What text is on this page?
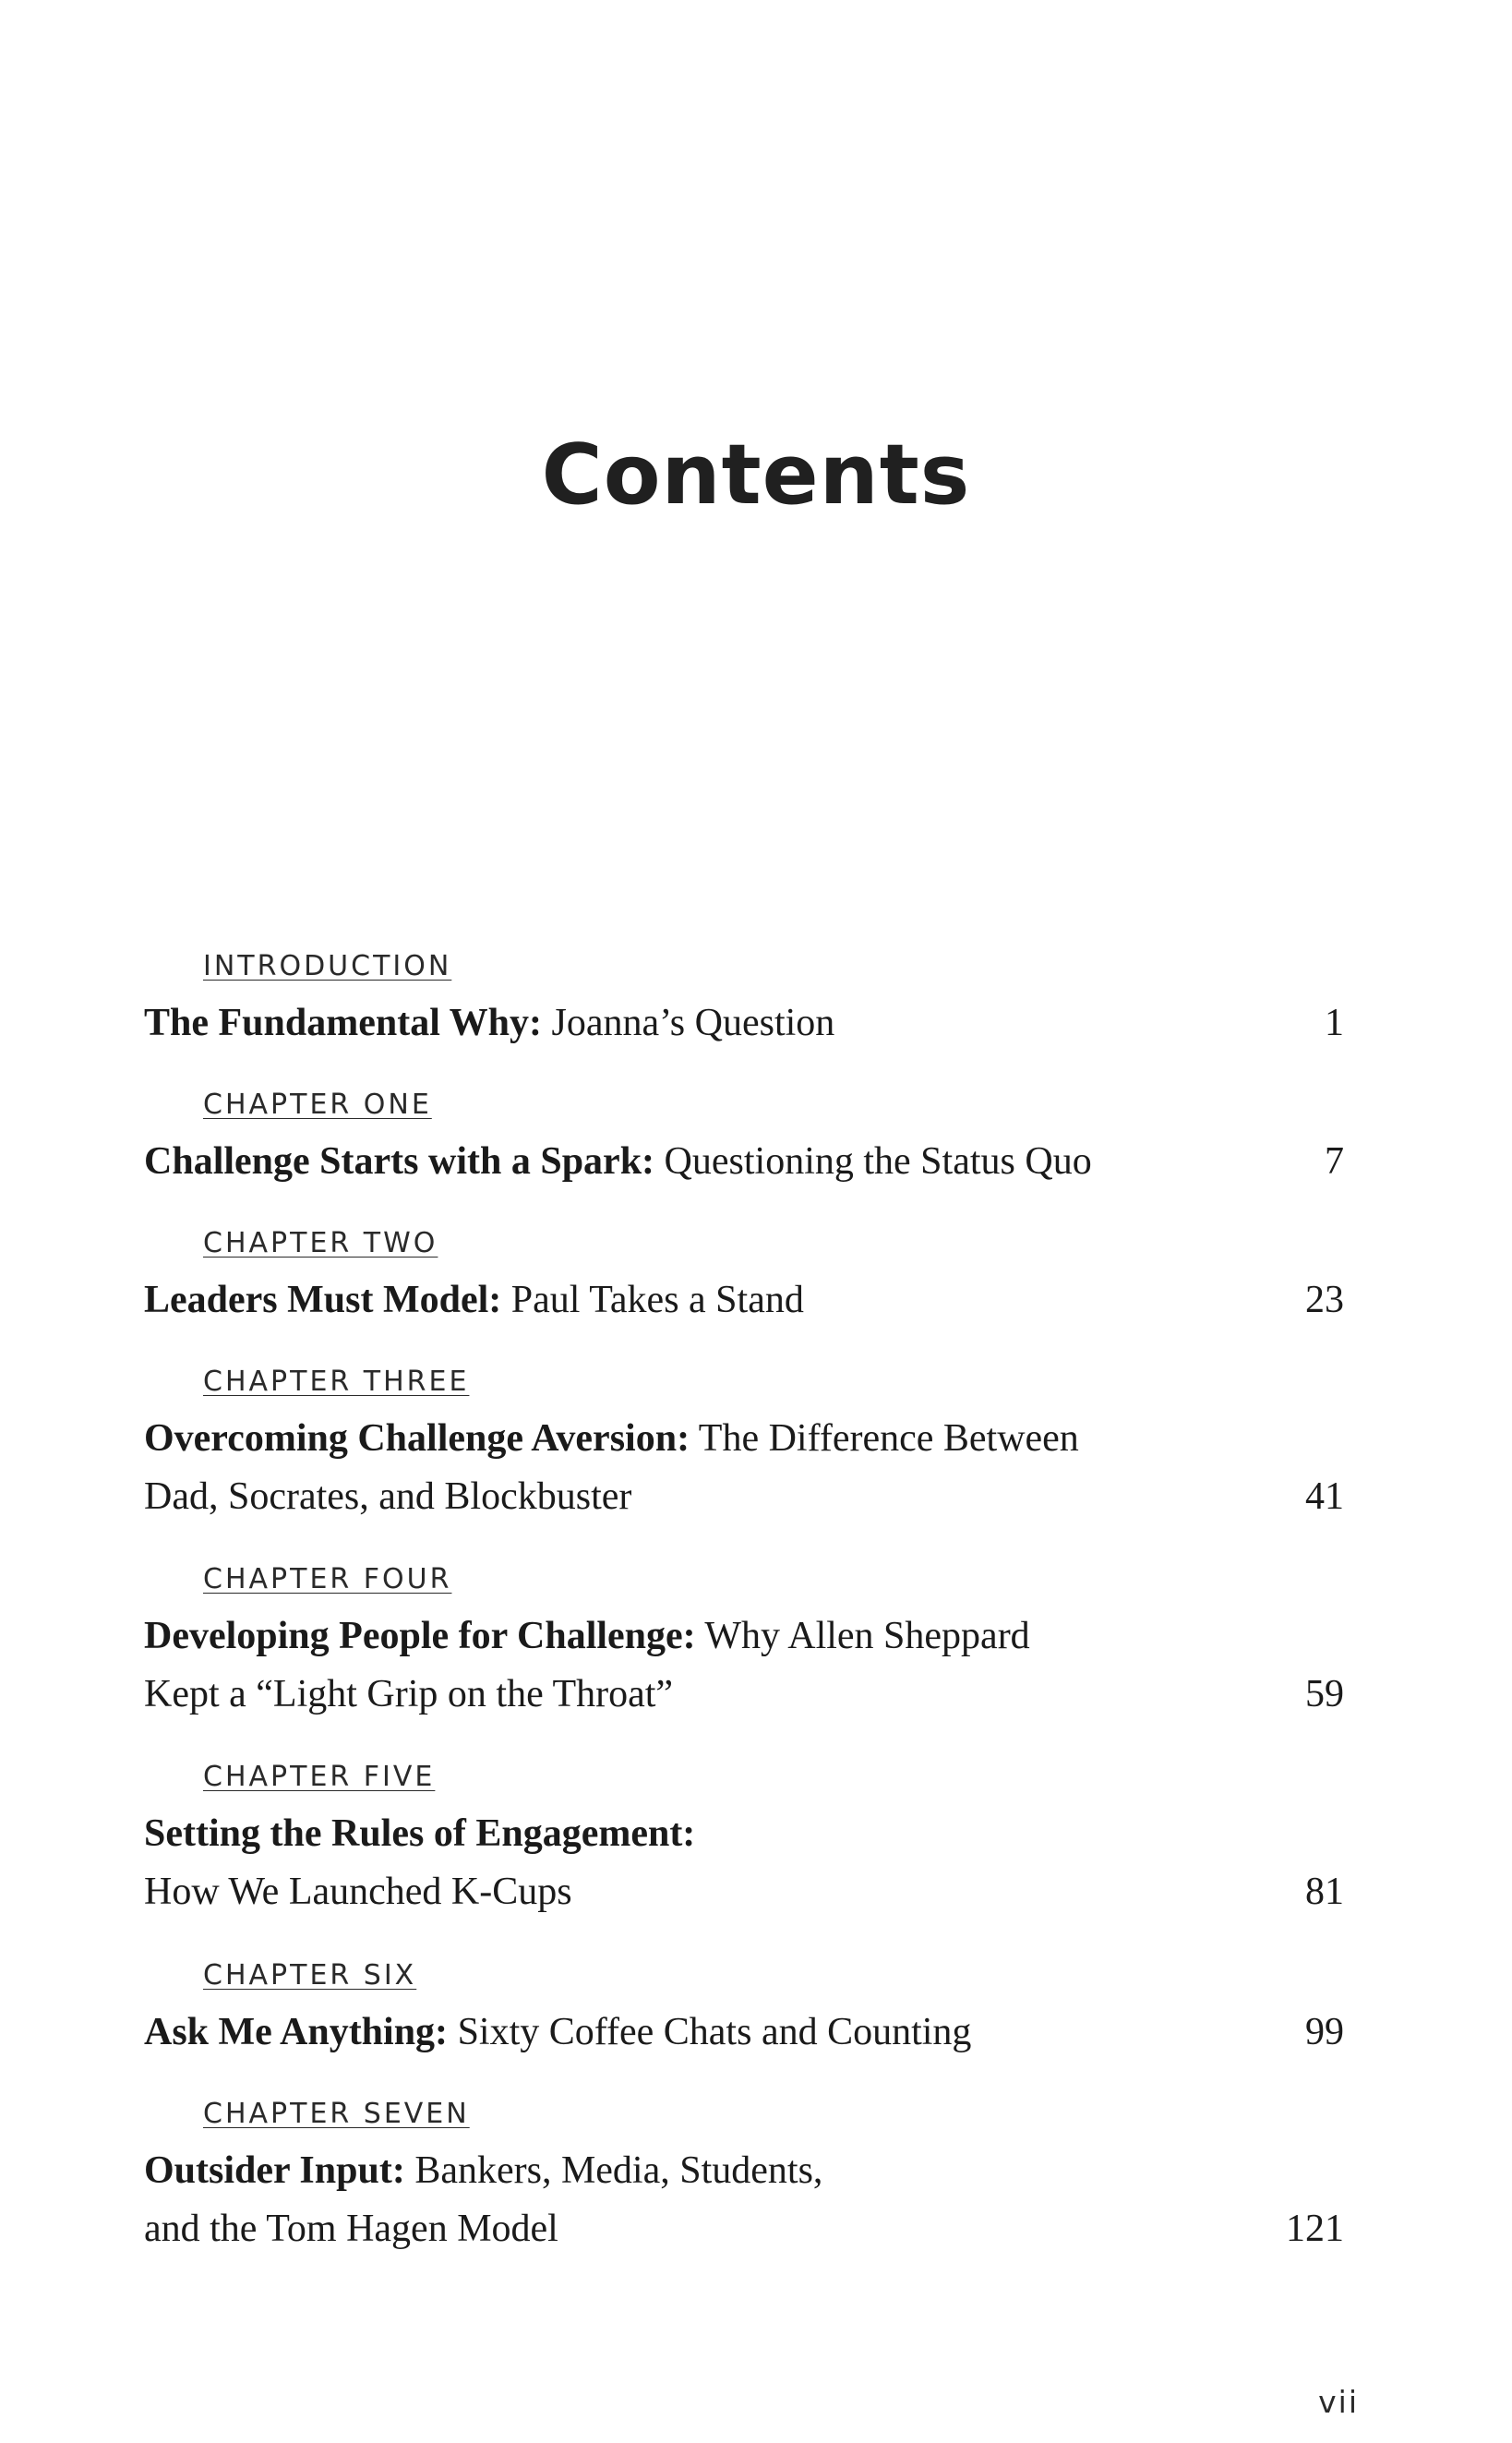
Contents
INTRODUCTION
The Fundamental Why: Joanna’s Question	1
CHAPTER ONE
Challenge Starts with a Spark: Questioning the Status Quo	7
CHAPTER TWO
Leaders Must Model: Paul Takes a Stand	23
CHAPTER THREE
Overcoming Challenge Aversion: The Difference Between
Dad, Socrates, and Blockbuster	41
CHAPTER FOUR
Developing People for Challenge: Why Allen Sheppard
Kept a “Light Grip on the Throat”	59
CHAPTER FIVE
Setting the Rules of Engagement:
How We Launched K-Cups	81
CHAPTER SIX
Ask Me Anything: Sixty Coffee Chats and Counting	99
CHAPTER SEVEN
Outsider Input: Bankers, Media, Students,
and the Tom Hagen Model	121
vii
